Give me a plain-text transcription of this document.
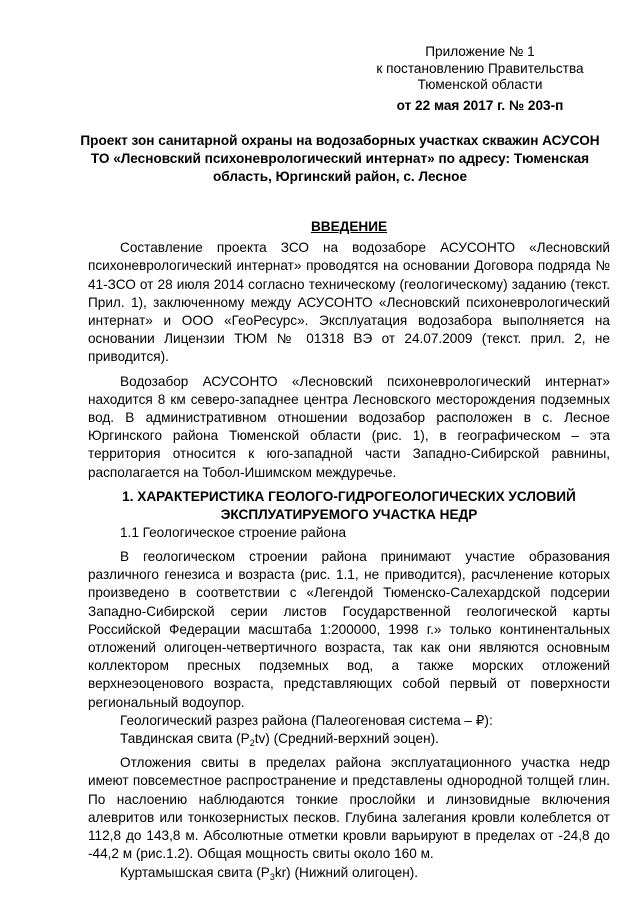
Приложение № 1
к постановлению Правительства
Тюменской области
от 22 мая 2017 г. № 203-п
Проект зон санитарной охраны на водозаборных участках скважин АСУСОН ТО «Лесновский психоневрологический интернат» по адресу: Тюменская область, Юргинский район, с. Лесное
ВВЕДЕНИЕ

Составление проекта ЗСО на водозаборе АСУСОНТО «Лесновский психоневрологический интернат» проводятся на основании Договора подряда № 41-ЗСО от 28 июля 2014 согласно техническому (геологическому) заданию (текст. Прил. 1), заключенному между АСУСОНТО «Лесновский психоневрологический интернат» и ООО «ГеоРесурс». Эксплуатация водозабора выполняется на основании Лицензии ТЮМ № 01318 ВЭ от 24.07.2009 (текст. прил. 2, не приводится).

Водозабор АСУСОНТО «Лесновский психоневрологический интернат» находится 8 км северо-западнее центра Лесновского месторождения подземных вод. В административном отношении водозабор расположен в с. Лесное Юргинского района Тюменской области (рис. 1), в географическом – эта территория относится к юго-западной части Западно-Сибирской равнины, располагается на Тобол-Ишимском междуречье.

1. ХАРАКТЕРИСТИКА ГЕОЛОГО-ГИДРОГЕОЛОГИЧЕСКИХ УСЛОВИЙ ЭКСПЛУАТИРУЕМОГО УЧАСТКА НЕДР

1.1 Геологическое строение района

В геологическом строении района принимают участие образования различного генезиса и возраста (рис. 1.1, не приводится), расчленение которых произведено в соответствии с «Легендой Тюменско-Салехардской подсерии Западно-Сибирской серии листов Государственной геологической карты Российской Федерации масштаба 1:200000, 1998 г.» только континентальных отложений олигоцен-четвертичного возраста, так как они являются основным коллектором пресных подземных вод, а также морских отложений верхнеэоценового возраста, представляющих собой первый от поверхности региональный водоупор.

Геологический разрез района (Палеогеновая система – ₽):

Тавдинская свита $(P_2tv)$ (Средний-верхний эоцен).

Отложения свиты в пределах района эксплуатационного участка недр имеют повсеместное распространение и представлены однородной толщей глин. По наслоению наблюдаются тонкие прослойки и линзовидные включения алевритов или тонкозернистых песков. Глубина залегания кровли колеблется от 112,8 до 143,8 м. Абсолютные отметки кровли варьируют в пределах от -24,8 до -44,2 м (рис.1.2). Общая мощность свиты около 160 м.

Куртамышская свита $(P_3kr)$ (Нижний олигоцен).
